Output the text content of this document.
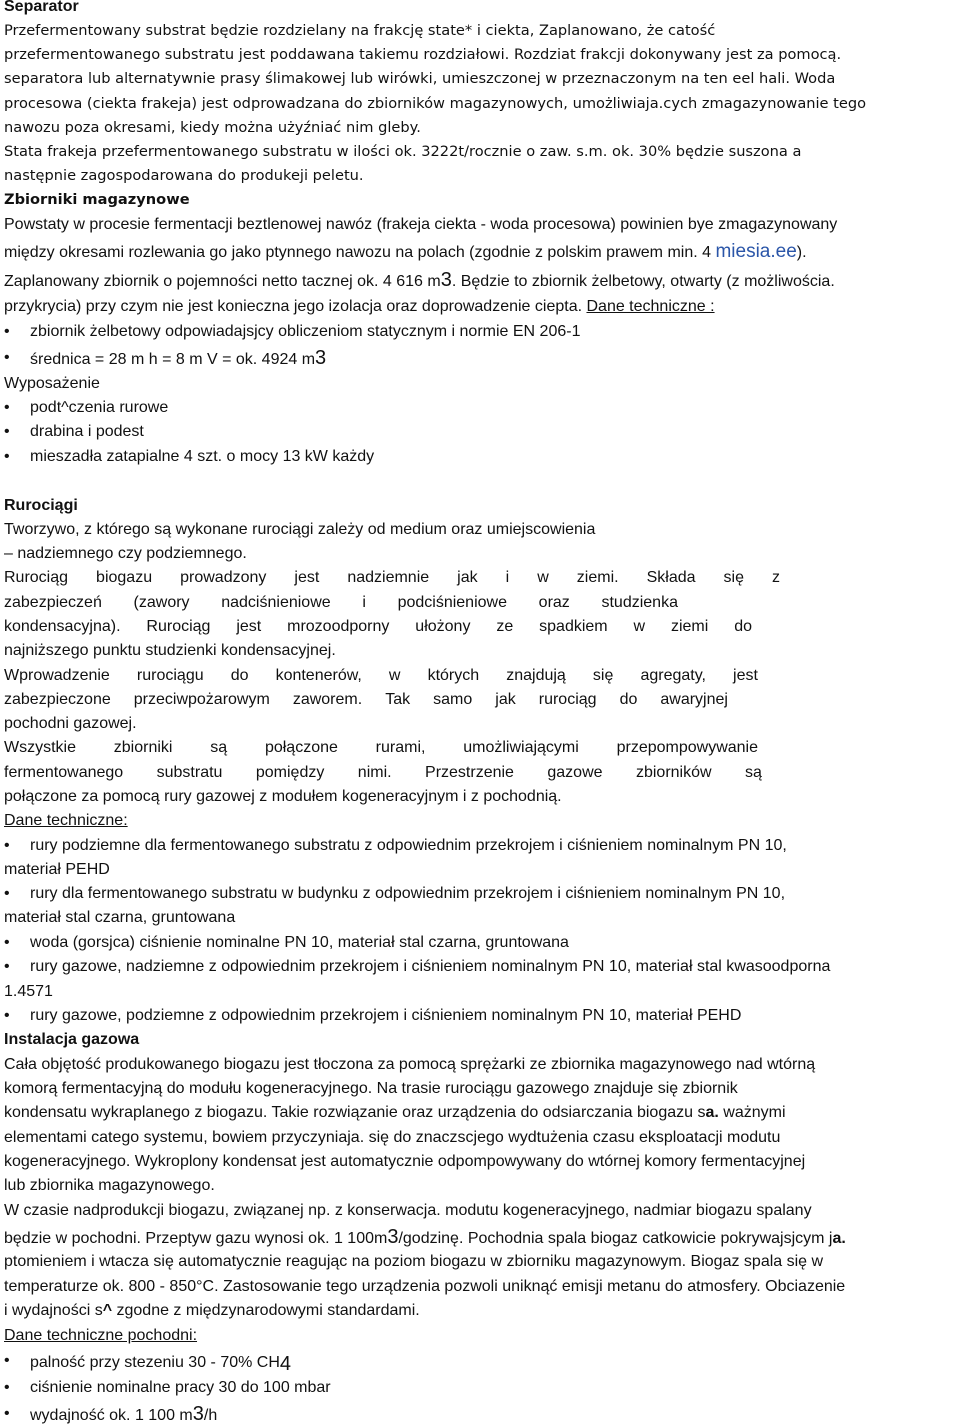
Separator
Przefermentowany substrat będzie rozdzielany na frakcję state* i ciekta, Zaplanowano, że catość
przefermentowanego substratu jest poddawana takiemu rozdziałowi. Rozdziat frakcji dokonywany jest za pomocą.
separatora lub alternatywnie prasy ślimakowej lub wirówki, umieszczonej w przeznaczonym na ten eel hali. Woda
procesowa (ciekta frakeja) jest odprowadzana do zbiorników magazynowych, umożliwiaja.cych zmagazynowanie tego
nawozu poza okresami, kiedy można użyźniać nim gleby.
Stata frakeja przefermentowanego substratu w ilości ok. 3222t/rocznie o zaw. s.m. ok. 30% będzie suszona a
następnie zagospodarowana do produkeji peletu.
Zbiorniki magazynowe
Powstaty w procesie fermentacji beztlenowej nawóz (frakeja ciekta - woda procesowa) powinien bye zmagazynowany
między okresami rozlewania go jako ptynnego nawozu na polach (zgodnie z polskim prawem min. 4 miesia.ee).
Zaplanowany zbiornik o pojemności netto tacznej ok. 4 616 m3. Będzie to zbiornik żelbetowy, otwarty (z możliwościa.
przykrycia) przy czym nie jest konieczna jego izolacja oraz doprowadzenie ciepta. Dane techniczne :
• zbiornik żelbetowy odpowiadajsjcy obliczeniom statycznym i normie EN 206-1
• średnica = 28 m h = 8 m V = ok. 4924 m3
Wyposażenie
• podt^czenia rurowe
• drabina i podest
• mieszadła zatapialne 4 szt. o mocy 13 kW każdy
Rurociągi
Tworzywo, z którego są wykonane rurociągi zależy od medium oraz umiejscowienia
– nadziemnego czy podziemnego.
Rurociąg biogazu prowadzony jest nadziemnie jak i w ziemi. Składa się z
zabezpieczeń (zawory nadciśnieniowe i podciśnieniowe oraz studzienka
kondensacyjna). Rurociąg jest mrozoodporny ułożony ze spadkiem w ziemi do
najniższego punktu studzienki kondensacyjnej.
Wprowadzenie rurociągu do kontenerów, w których znajdują się agregaty, jest
zabezpieczone przeciwpożarowym zaworem. Tak samo jak rurociąg do awaryjnej
pochodni gazowej.
Wszystkie zbiorniki są połączone rurami, umożliwiającymi przepompowywanie
fermentowanego substratu pomiędzy nimi. Przestrzenie gazowe zbiorników są
połączone za pomocą rury gazowej z modułem kogeneracyjnym i z pochodnią.
Dane techniczne:
• rury podziemne dla fermentowanego substratu z odpowiednim przekrojem i ciśnieniem nominalnym PN 10,
materiał PEHD
• rury dla fermentowanego substratu w budynku z odpowiednim przekrojem i ciśnieniem nominalnym PN 10,
materiał stal czarna, gruntowana
• woda (gorsjca) ciśnienie nominalne PN 10, materiał stal czarna, gruntowana
• rury gazowe, nadziemne z odpowiednim przekrojem i ciśnieniem nominalnym PN 10, materiał stal kwasoodporna
1.4571
• rury gazowe, podziemne z odpowiednim przekrojem i ciśnieniem nominalnym PN 10, materiał PEHD
Instalacja gazowa
Cała objętość produkowanego biogazu jest tłoczona za pomocą sprężarki ze zbiornika magazynowego nad wtórną
komorą fermentacyjną do modułu kogeneracyjnego. Na trasie rurociągu gazowego znajduje się zbiornik
kondensatu wykraplanego z biogazu. Takie rozwiązanie oraz urządzenia do odsiarczania biogazu sa. ważnymi
elementami catego systemu, bowiem przyczyniaja. się do znaczscjego wydtużenia czasu eksploatacji modutu
kogeneracyjnego. Wykroplony kondensat jest automatycznie odpompowywany do wtórnej komory fermentacyjnej
lub zbiornika magazynowego.
W czasie nadprodukcji biogazu, związanej np. z konserwacja. modutu kogeneracyjnego, nadmiar biogazu spalany
będzie w pochodni. Przeptyw gazu wynosi ok. 1 100m3/godzinę. Pochodnia spala biogaz catkowicie pokrywajsjcym ja.
ptomieniem i wtacza się automatycznie reagując na poziom biogazu w zbiorniku magazynowym. Biogaz spala się w
temperaturze ok. 800 - 850°C. Zastosowanie tego urządzenia pozwoli uniknąć emisji metanu do atmosfery. Obciazenie
i wydajności s^ zgodne z międzynarodowymi standardami.
Dane techniczne pochodni:
• palność przy stezeniu 30 - 70% CH4
• ciśnienie nominalne pracy 30 do 100 mbar
• wydajność ok. 1 100 m3/h
